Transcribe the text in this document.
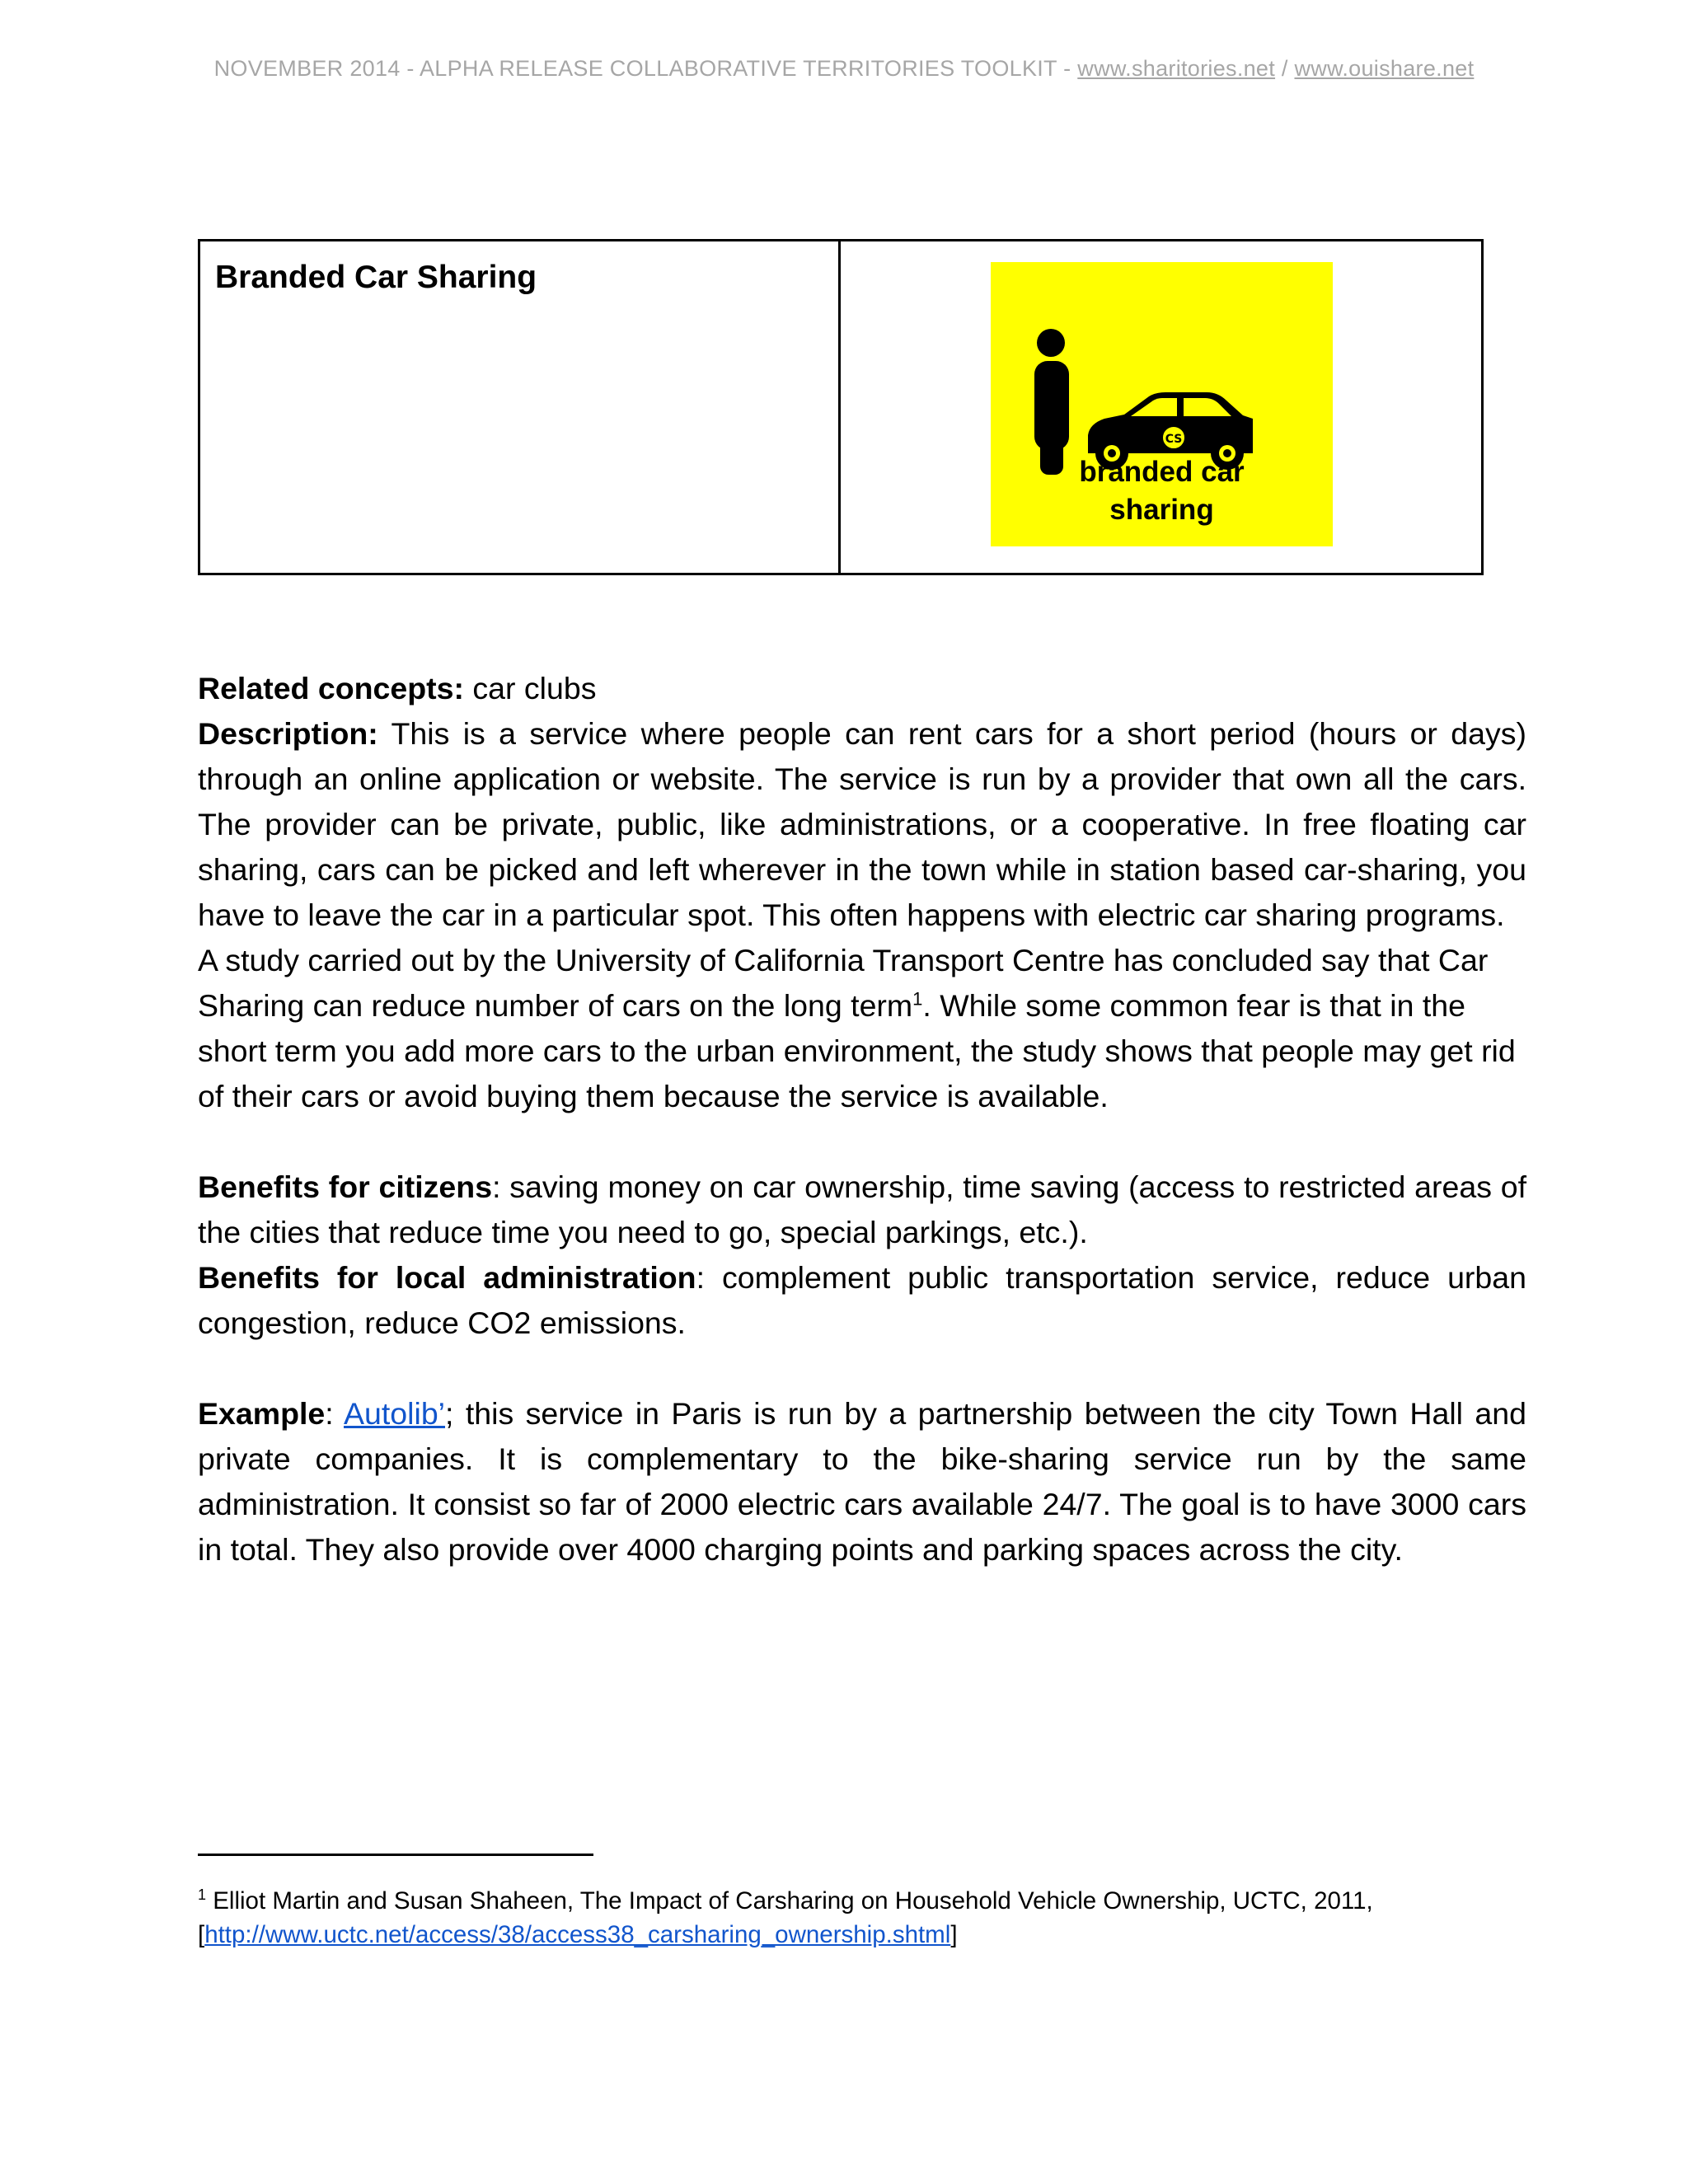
NOVEMBER 2014 - ALPHA RELEASE COLLABORATIVE TERRITORIES TOOLKIT - www.sharitories.net / www.ouishare.net
Branded Car Sharing
CS
branded car
sharing

Related concepts: car clubs

Description: This is a service where people can rent cars for a short period (hours or days) through an online application or website. The service is run by a provider that own all the cars. The provider can be private, public, like administrations, or a cooperative. In free floating car sharing, cars can be picked and left wherever in the town while in station based car-sharing, you have to leave the car in a particular spot. This often happens with electric car sharing programs.

A study carried out by the University of California Transport Centre has concluded say that Car Sharing can reduce number of cars on the long term$^1$. While some common fear is that in the short term you add more cars to the urban environment, the study shows that people may get rid of their cars or avoid buying them because the service is available.

Benefits for citizens: saving money on car ownership, time saving (access to restricted areas of the cities that reduce time you need to go, special parkings, etc.).

Benefits for local administration: complement public transportation service, reduce urban congestion, reduce CO2 emissions.

Example: Autolib’; this service in Paris is run by a partnership between the city Town Hall and private companies. It is complementary to the bike-sharing service run by the same administration. It consist so far of 2000 electric cars available 24/7. The goal is to have 3000 cars in total. They also provide over 4000 charging points and parking spaces across the city.

$^1$ Elliot Martin and Susan Shaheen, The Impact of Carsharing on Household Vehicle Ownership, UCTC, 2011,
[http://www.uctc.net/access/38/access38_carsharing_ownership.shtml]
